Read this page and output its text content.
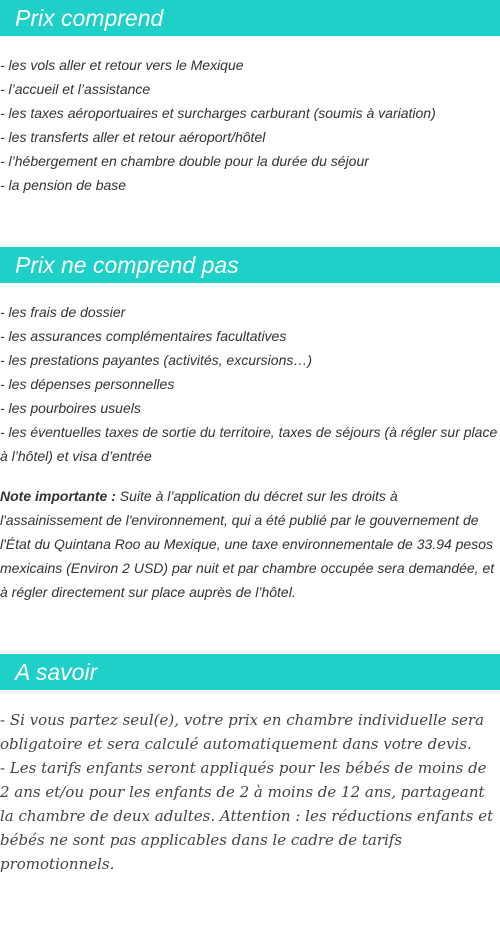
Prix comprend
- les vols aller et retour vers le Mexique
- l’accueil et l’assistance
- les taxes aéroportuaires et surcharges carburant (soumis à variation)
- les transferts aller et retour aéroport/hôtel
- l’hébergement en chambre double pour la durée du séjour
- la pension de base
Prix ne comprend pas
- les frais de dossier
- les assurances complémentaires facultatives
- les prestations payantes (activités, excursions…)
- les dépenses personnelles
- les pourboires usuels
- les éventuelles taxes de sortie du territoire, taxes de séjours (à régler sur place à l’hôtel) et visa d’entrée

Note importante : Suite à l’application du décret sur les droits à l'assainissement de l'environnement, qui a été publié par le gouvernement de l'État du Quintana Roo au Mexique, une taxe environnementale de 33.94 pesos mexicains (Environ 2 USD) par nuit et par chambre occupée sera demandée, et à régler directement sur place auprès de l’hôtel.

A savoir

- Si vous partez seul(e), votre prix en chambre individuelle sera obligatoire et sera calculé automatiquement dans votre devis.

- Les tarifs enfants seront appliqués pour les bébés de moins de 2 ans et/ou pour les enfants de 2 à moins de 12 ans, partageant la chambre de deux adultes. Attention : les réductions enfants et bébés ne sont pas applicables dans le cadre de tarifs promotionnels.
